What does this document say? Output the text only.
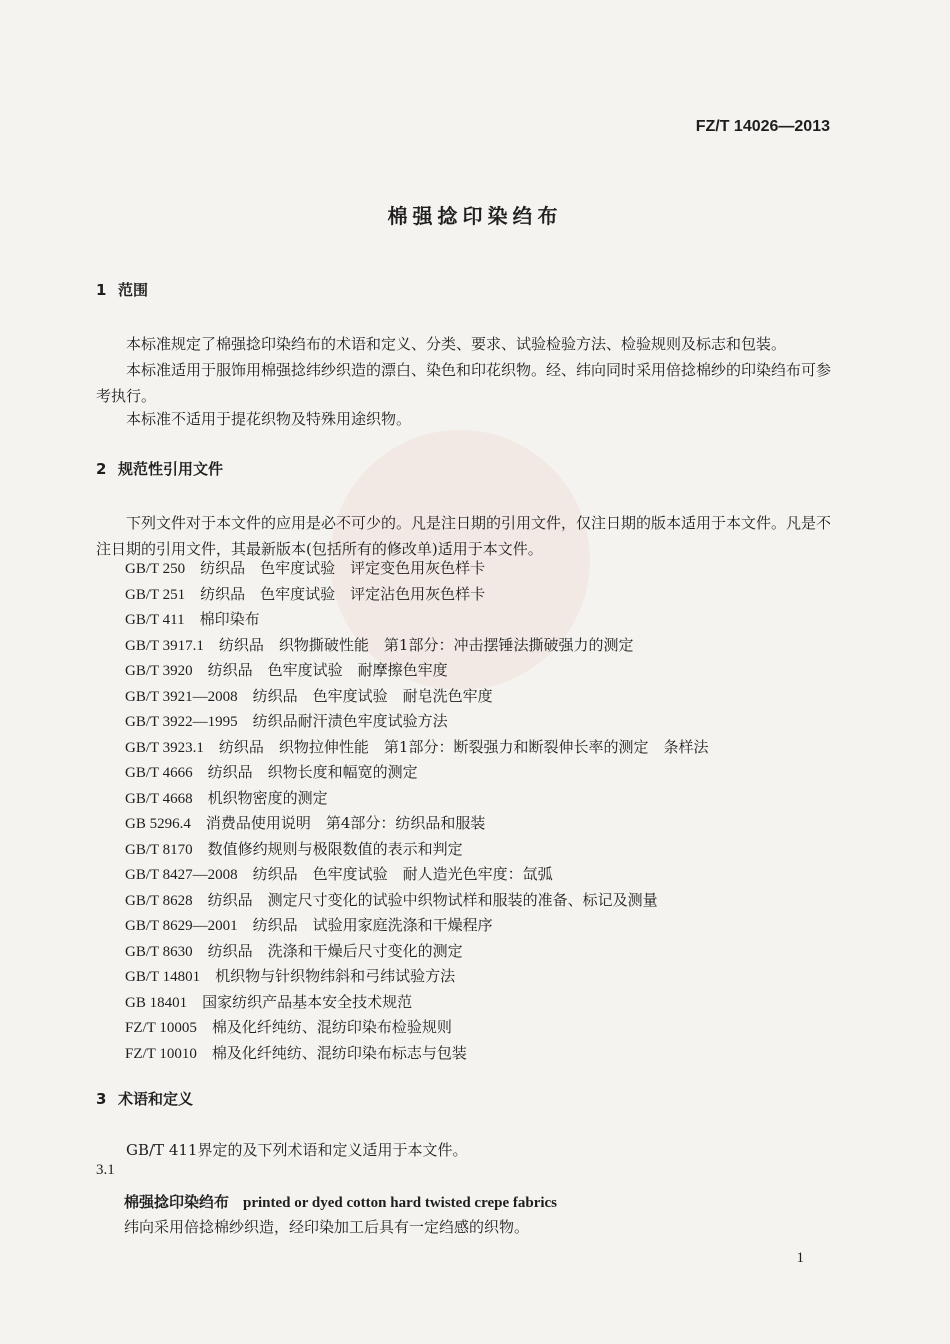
FZ/T 14026—2013
棉强捻印染绉布
1 范围
本标准规定了棉强捻印染绉布的术语和定义、分类、要求、试验检验方法、检验规则及标志和包装。
本标准适用于服饰用棉强捻纬纱织造的漂白、染色和印花织物。经、纬向同时采用倍捻棉纱的印染绉布可参考执行。
本标准不适用于提花织物及特殊用途织物。
2 规范性引用文件
下列文件对于本文件的应用是必不可少的。凡是注日期的引用文件，仅注日期的版本适用于本文件。凡是不注日期的引用文件，其最新版本(包括所有的修改单)适用于本文件。
GB/T 250　 纺织品　色牢度试验　评定变色用灰色样卡
GB/T 251　 纺织品　色牢度试验　评定沾色用灰色样卡
GB/T 411　 棉印染布
GB/T 3917.1　 纺织品　织物撕破性能　第1部分：冲击摆锤法撕破强力的测定
GB/T 3920　 纺织品　色牢度试验　耐摩擦色牢度
GB/T 3921—2008　 纺织品　色牢度试验　耐皂洗色牢度
GB/T 3922—1995　 纺织品耐汗渍色牢度试验方法
GB/T 3923.1　 纺织品　织物拉伸性能　第1部分：断裂强力和断裂伸长率的测定　条样法
GB/T 4666　 纺织品　织物长度和幅宽的测定
GB/T 4668　 机织物密度的测定
GB 5296.4　 消费品使用说明　第4部分：纺织品和服装
GB/T 8170　 数值修约规则与极限数值的表示和判定
GB/T 8427—2008　 纺织品　色牢度试验　耐人造光色牢度：氙弧
GB/T 8628　 纺织品　测定尺寸变化的试验中织物试样和服装的准备、标记及测量
GB/T 8629—2001　 纺织品　试验用家庭洗涤和干燥程序
GB/T 8630　 纺织品　洗涤和干燥后尺寸变化的测定
GB/T 14801　 机织物与针织物纬斜和弓纬试验方法
GB 18401　 国家纺织产品基本安全技术规范
FZ/T 10005　 棉及化纤纯纺、混纺印染布检验规则
FZ/T 10010　 棉及化纤纯纺、混纺印染布标志与包装
3 术语和定义
GB/T 411界定的及下列术语和定义适用于本文件。
3.1
棉强捻印染绉布 printed or dyed cotton hard twisted crepe fabrics
纬向采用倍捻棉纱织造，经印染加工后具有一定绉感的织物。
1
